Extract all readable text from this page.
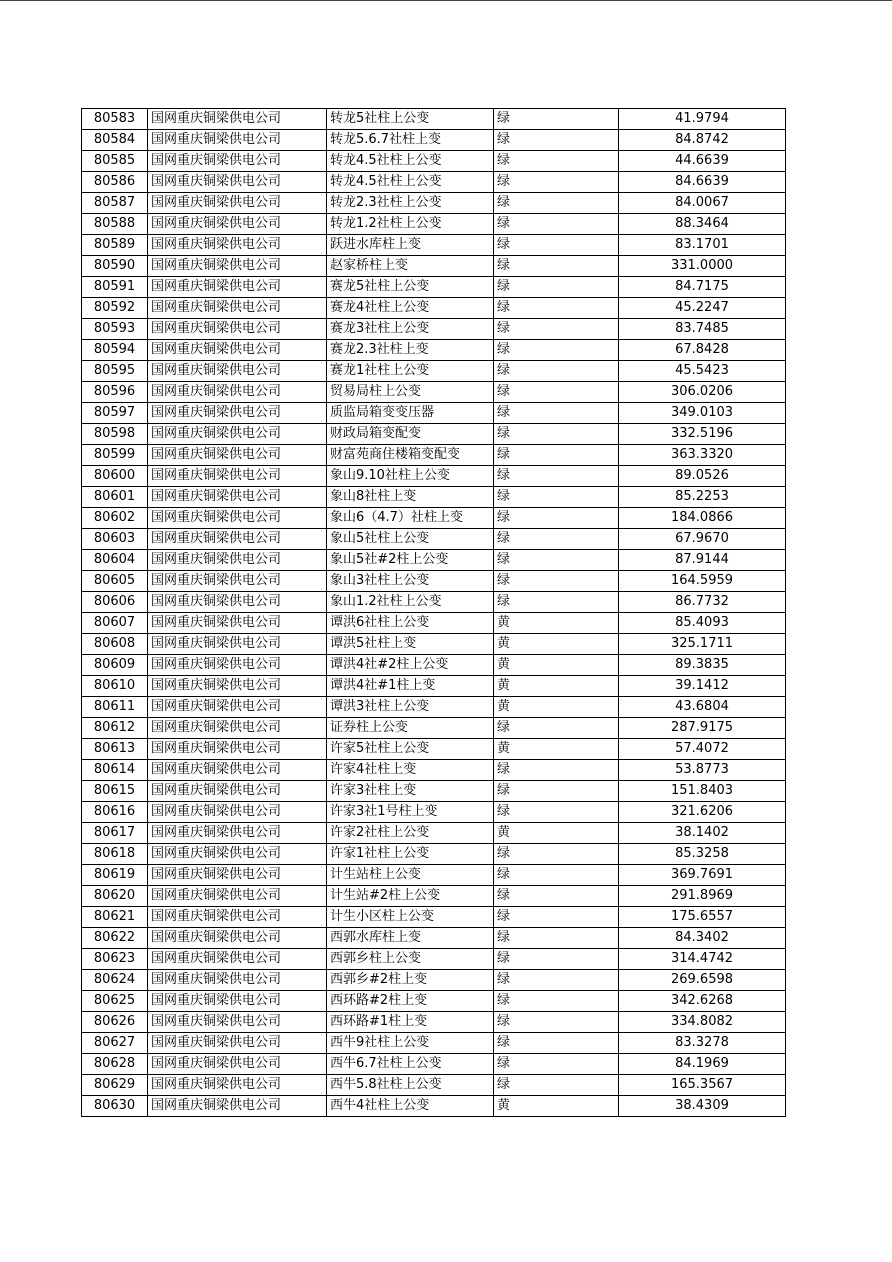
80583	国网重庆铜梁供电公司	转龙5社柱上公变	绿	41.9794
80584	国网重庆铜梁供电公司	转龙5.6.7社柱上变	绿	84.8742
80585	国网重庆铜梁供电公司	转龙4.5社柱上公变	绿	44.6639
80586	国网重庆铜梁供电公司	转龙4.5社柱上公变	绿	84.6639
80587	国网重庆铜梁供电公司	转龙2.3社柱上公变	绿	84.0067
80588	国网重庆铜梁供电公司	转龙1.2社柱上公变	绿	88.3464
80589	国网重庆铜梁供电公司	跃进水库柱上变	绿	83.1701
80590	国网重庆铜梁供电公司	赵家桥柱上变	绿	331.0000
80591	国网重庆铜梁供电公司	赛龙5社柱上公变	绿	84.7175
80592	国网重庆铜梁供电公司	赛龙4社柱上公变	绿	45.2247
80593	国网重庆铜梁供电公司	赛龙3社柱上公变	绿	83.7485
80594	国网重庆铜梁供电公司	赛龙2.3社柱上变	绿	67.8428
80595	国网重庆铜梁供电公司	赛龙1社柱上公变	绿	45.5423
80596	国网重庆铜梁供电公司	贸易局柱上公变	绿	306.0206
80597	国网重庆铜梁供电公司	质监局箱变变压器	绿	349.0103
80598	国网重庆铜梁供电公司	财政局箱变配变	绿	332.5196
80599	国网重庆铜梁供电公司	财富苑商住楼箱变配变	绿	363.3320
80600	国网重庆铜梁供电公司	象山9.10社柱上公变	绿	89.0526
80601	国网重庆铜梁供电公司	象山8社柱上变	绿	85.2253
80602	国网重庆铜梁供电公司	象山6（4.7）社柱上变	绿	184.0866
80603	国网重庆铜梁供电公司	象山5社柱上公变	绿	67.9670
80604	国网重庆铜梁供电公司	象山5社#2柱上公变	绿	87.9144
80605	国网重庆铜梁供电公司	象山3社柱上公变	绿	164.5959
80606	国网重庆铜梁供电公司	象山1.2社柱上公变	绿	86.7732
80607	国网重庆铜梁供电公司	谭洪6社柱上公变	黄	85.4093
80608	国网重庆铜梁供电公司	谭洪5社柱上变	黄	325.1711
80609	国网重庆铜梁供电公司	谭洪4社#2柱上公变	黄	89.3835
80610	国网重庆铜梁供电公司	谭洪4社#1柱上变	黄	39.1412
80611	国网重庆铜梁供电公司	谭洪3社柱上公变	黄	43.6804
80612	国网重庆铜梁供电公司	证券柱上公变	绿	287.9175
80613	国网重庆铜梁供电公司	许家5社柱上公变	黄	57.4072
80614	国网重庆铜梁供电公司	许家4社柱上变	绿	53.8773
80615	国网重庆铜梁供电公司	许家3社柱上变	绿	151.8403
80616	国网重庆铜梁供电公司	许家3社1号柱上变	绿	321.6206
80617	国网重庆铜梁供电公司	许家2社柱上公变	黄	38.1402
80618	国网重庆铜梁供电公司	许家1社柱上公变	绿	85.3258
80619	国网重庆铜梁供电公司	计生站柱上公变	绿	369.7691
80620	国网重庆铜梁供电公司	计生站#2柱上公变	绿	291.8969
80621	国网重庆铜梁供电公司	计生小区柱上公变	绿	175.6557
80622	国网重庆铜梁供电公司	西郭水库柱上变	绿	84.3402
80623	国网重庆铜梁供电公司	西郭乡柱上公变	绿	314.4742
80624	国网重庆铜梁供电公司	西郭乡#2柱上变	绿	269.6598
80625	国网重庆铜梁供电公司	西环路#2柱上变	绿	342.6268
80626	国网重庆铜梁供电公司	西环路#1柱上变	绿	334.8082
80627	国网重庆铜梁供电公司	西牛9社柱上公变	绿	83.3278
80628	国网重庆铜梁供电公司	西牛6.7社柱上公变	绿	84.1969
80629	国网重庆铜梁供电公司	西牛5.8社柱上公变	绿	165.3567
80630	国网重庆铜梁供电公司	西牛4社柱上公变	黄	38.4309
